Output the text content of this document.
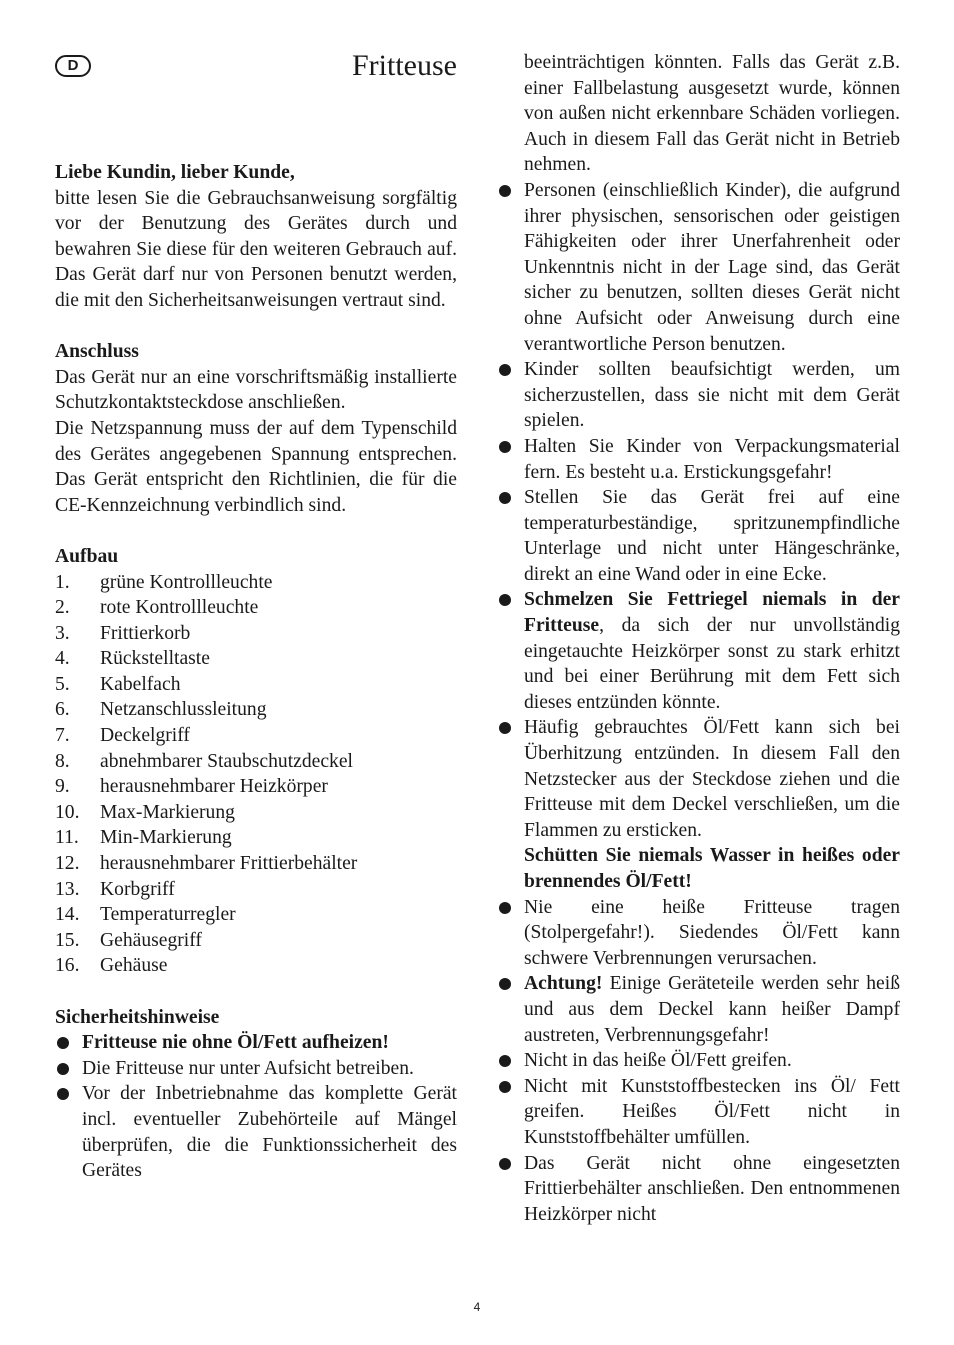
D	Fritteuse

Liebe Kundin, lieber Kunde,

bitte lesen Sie die Gebrauchsanweisung sorgfältig vor der Benutzung des Gerätes durch und bewahren Sie diese für den weiteren Gebrauch auf. Das Gerät darf nur von Personen benutzt werden, die mit den Sicherheitsanweisungen vertraut sind.

Anschluss

Das Gerät nur an eine vorschriftsmäßig installierte Schutzkontaktsteckdose anschließen.

Die Netzspannung muss der auf dem Typenschild des Gerätes angegebenen Spannung entsprechen. Das Gerät entspricht den Richtlinien, die für die CE-Kennzeichnung verbindlich sind.

Aufbau

1.	grüne Kontrollleuchte
2.	rote Kontrollleuchte
3.	Frittierkorb
4.	Rückstelltaste
5.	Kabelfach
6.	Netzanschlussleitung
7.	Deckelgriff
8.	abnehmbarer Staubschutzdeckel
9.	herausnehmbarer Heizkörper
10.	Max-Markierung
11.	Min-Markierung
12.	herausnehmbarer Frittierbehälter
13.	Korbgriff
14.	Temperaturregler
15.	Gehäusegriff
16.	Gehäuse

Sicherheitshinweise

Fritteuse nie ohne Öl/Fett aufheizen!
Die Fritteuse nur unter Aufsicht betreiben.
Vor der Inbetriebnahme das komplette Gerät incl. eventueller Zubehörteile auf Mängel überprüfen, die die Funktionssicherheit des Gerätes
beeinträchtigen könnten. Falls das Gerät z.B. einer Fallbelastung ausgesetzt wurde, können von außen nicht erkennbare Schäden vorliegen. Auch in diesem Fall das Gerät nicht in Betrieb nehmen.
Personen (einschließlich Kinder), die aufgrund ihrer physischen, sensorischen oder geistigen Fähigkeiten oder ihrer Unerfahrenheit oder Unkenntnis nicht in der Lage sind, das Gerät sicher zu benutzen, sollten dieses Gerät nicht ohne Aufsicht oder Anweisung durch eine verantwortliche Person benutzen.
Kinder sollten beaufsichtigt werden, um sicherzustellen, dass sie nicht mit dem Gerät spielen.
Halten Sie Kinder von Verpackungsmaterial fern. Es besteht u.a. Erstickungsgefahr!
Stellen Sie das Gerät frei auf eine temperaturbeständige, spritzunempfindliche Unterlage und nicht unter Hängeschränke, direkt an eine Wand oder in eine Ecke.
Schmelzen Sie Fettriegel niemals in der Fritteuse, da sich der nur unvollständig eingetauchte Heizkörper sonst zu stark erhitzt und bei einer Berührung mit dem Fett sich dieses entzünden könnte.
Häufig gebrauchtes Öl/Fett kann sich bei Überhitzung entzünden. In diesem Fall den Netzstecker aus der Steckdose ziehen und die Fritteuse mit dem Deckel verschließen, um die Flammen zu ersticken.
Schütten Sie niemals Wasser in heißes oder brennendes Öl/Fett!
Nie eine heiße Fritteuse tragen (Stolpergefahr!). Siedendes Öl/Fett kann schwere Verbrennungen verursachen.
Achtung! Einige Geräteteile werden sehr heiß und aus dem Deckel kann heißer Dampf austreten, Verbrennungsgefahr!
Nicht in das heiße Öl/Fett greifen.
Nicht mit Kunststoffbestecken ins Öl/ Fett greifen. Heißes Öl/Fett nicht in Kunststoffbehälter umfüllen.
Das Gerät nicht ohne eingesetzten Frittierbehälter anschließen. Den entnommenen Heizkörper nicht
4
